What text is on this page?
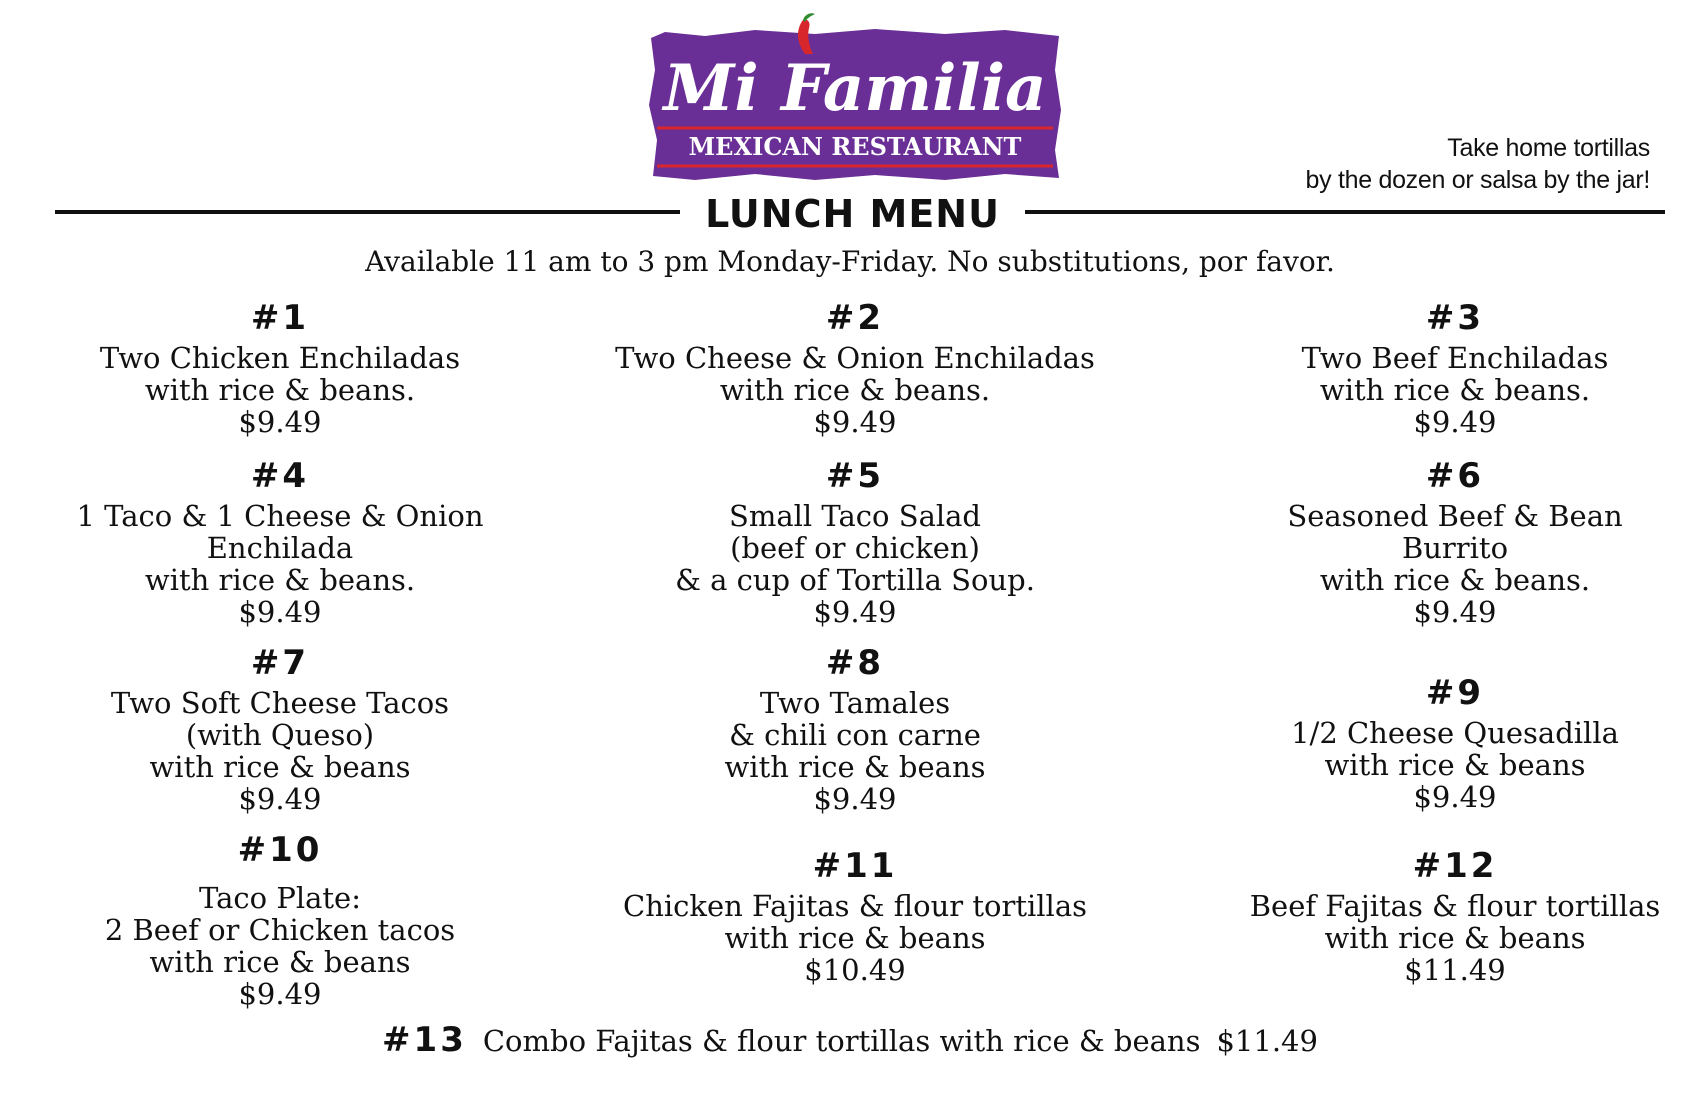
Mi Familia
MEXICAN RESTAURANT	Take home tortillas
by the dozen or salsa by the jar!
LUNCH MENU
Available 11 am to 3 pm Monday-Friday. No substitutions, por favor.
#1
Two Chicken Enchiladas
with rice & beans.
$9.49
#2
Two Cheese & Onion Enchiladas
with rice & beans.
$9.49
#3
Two Beef Enchiladas
with rice & beans.
$9.49
#4
1 Taco & 1 Cheese & Onion
Enchilada
with rice & beans.
$9.49
#5
Small Taco Salad
(beef or chicken)
& a cup of Tortilla Soup.
$9.49
#6
Seasoned Beef & Bean
Burrito
with rice & beans.
$9.49
#7
Two Soft Cheese Tacos
(with Queso)
with rice & beans
$9.49
#8
Two Tamales
& chili con carne
with rice & beans
$9.49
#9
1/2 Cheese Quesadilla
with rice & beans
$9.49
#10
Taco Plate:
2 Beef or Chicken tacos
with rice & beans
$9.49
#11
Chicken Fajitas & flour tortillas
with rice & beans
$10.49
#12
Beef Fajitas & flour tortillas
with rice & beans
$11.49
#13 Combo Fajitas & flour tortillas with rice & beans $11.49
